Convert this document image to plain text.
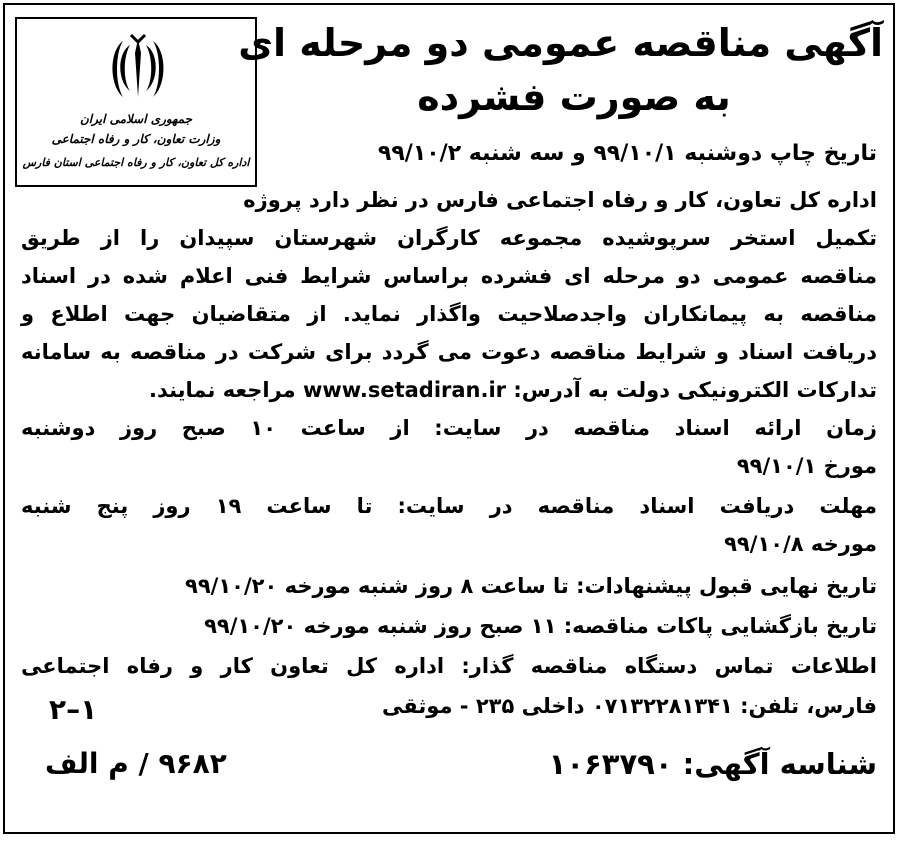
جمهوری اسلامی ایران
وزارت تعاون، کار و رفاه اجتماعی
اداره کل تعاون، کار و رفاه اجتماعی استان فارس
آگهی مناقصه عمومی دو مرحله ای
به صورت فشرده
تاریخ چاپ دوشنبه ۹۹/۱۰/۱ و سه شنبه ۹۹/۱۰/۲
اداره کل تعاون، کار و رفاه اجتماعی فارس در نظر دارد پروژه
تکمیل استخر سرپوشیده مجموعه کارگران شهرستان سپیدان را از طریق
مناقصه عمومی دو مرحله ای فشرده براساس شرایط فنی اعلام شده در اسناد
مناقصه به پیمانکاران واجدصلاحیت واگذار نماید. از متقاضیان جهت اطلاع و
دریافت اسناد و شرایط مناقصه دعوت می گردد برای شرکت در مناقصه به سامانه
تدارکات الکترونیکی دولت به آدرس: www.setadiran.ir مراجعه نمایند.
زمان ارائه اسناد مناقصه در سایت: از ساعت ۱۰ صبح روز دوشنبه
مورخ ۹۹/۱۰/۱
مهلت دریافت اسناد مناقصه در سایت: تا ساعت ۱۹ روز پنج شنبه
مورخه ۹۹/۱۰/۸
تاریخ نهایی قبول پیشنهادات: تا ساعت ۸ روز شنبه مورخه ۹۹/۱۰/۲۰
تاریخ بازگشایی پاکات مناقصه: ۱۱ صبح روز شنبه مورخه ۹۹/۱۰/۲۰
اطلاعات تماس دستگاه مناقصه گذار: اداره کل تعاون کار و رفاه اجتماعی
فارس، تلفن: ۰۷۱۳۲۲۸۱۳۴۱ داخلی ۲۳۵ - موثقی
۱–۲
۹۶۸۲ / م الف	شناسه آگهی: ۱۰۶۳۷۹۰
